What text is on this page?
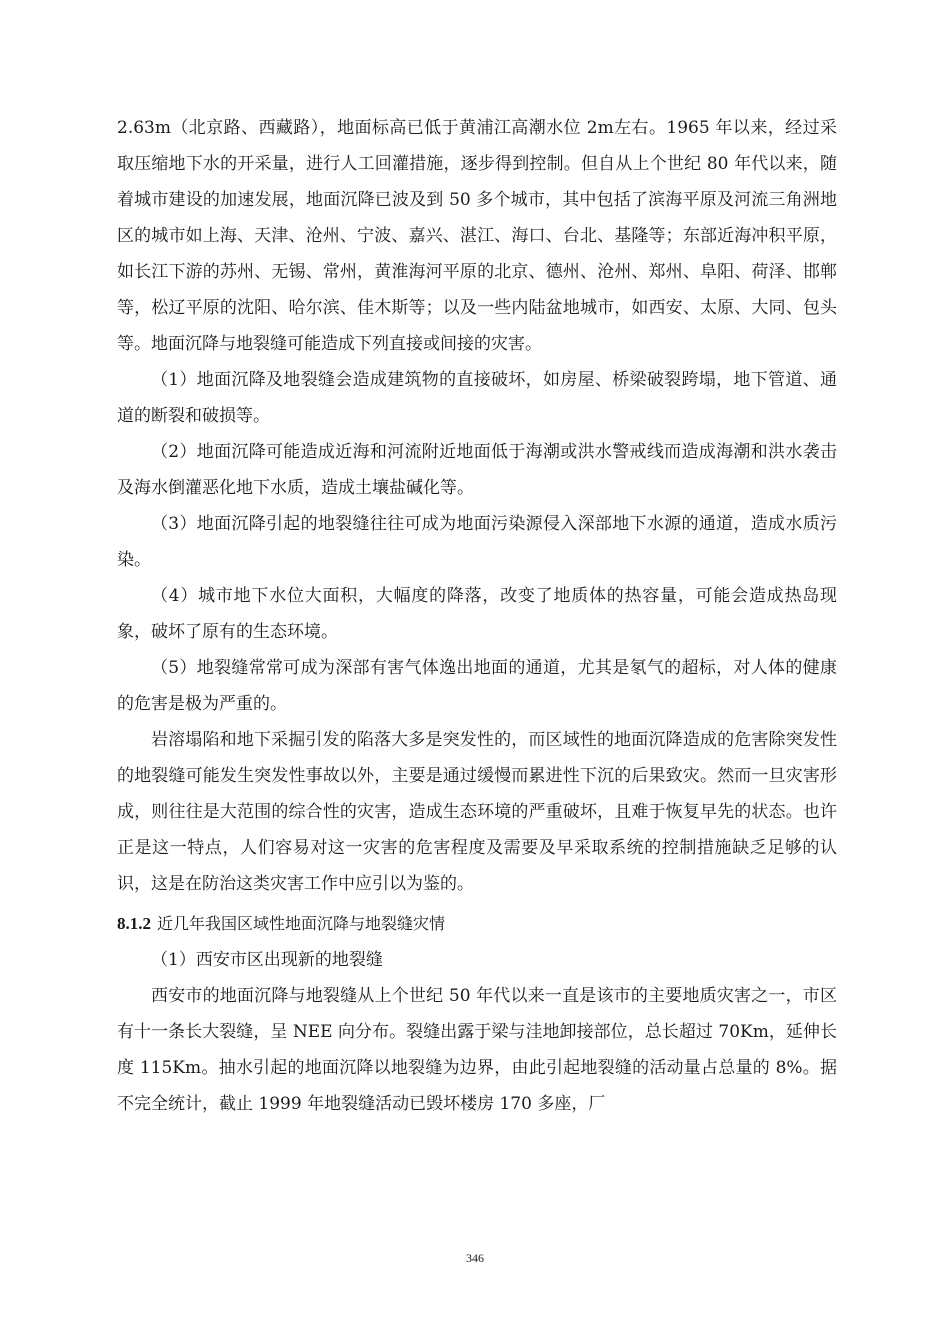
2.63m（北京路、西藏路），地面标高已低于黄浦江高潮水位 2m左右。1965 年以来，经过采取压缩地下水的开采量，进行人工回灌措施，逐步得到控制。但自从上个世纪 80 年代以来，随着城市建设的加速发展，地面沉降已波及到 50 多个城市，其中包括了滨海平原及河流三角洲地区的城市如上海、天津、沧州、宁波、嘉兴、湛江、海口、台北、基隆等；东部近海冲积平原，如长江下游的苏州、无锡、常州，黄淮海河平原的北京、德州、沧州、郑州、阜阳、荷泽、邯郸等，松辽平原的沈阳、哈尔滨、佳木斯等；以及一些内陆盆地城市，如西安、太原、大同、包头等。地面沉降与地裂缝可能造成下列直接或间接的灾害。

（1）地面沉降及地裂缝会造成建筑物的直接破坏，如房屋、桥梁破裂跨塌，地下管道、通道的断裂和破损等。

（2）地面沉降可能造成近海和河流附近地面低于海潮或洪水警戒线而造成海潮和洪水袭击及海水倒灌恶化地下水质，造成土壤盐碱化等。

（3）地面沉降引起的地裂缝往往可成为地面污染源侵入深部地下水源的通道，造成水质污染。

（4）城市地下水位大面积，大幅度的降落，改变了地质体的热容量，可能会造成热岛现象，破坏了原有的生态环境。

（5）地裂缝常常可成为深部有害气体逸出地面的通道，尤其是氡气的超标，对人体的健康的危害是极为严重的。

岩溶塌陷和地下采掘引发的陷落大多是突发性的，而区域性的地面沉降造成的危害除突发性的地裂缝可能发生突发性事故以外，主要是通过缓慢而累进性下沉的后果致灾。然而一旦灾害形成，则往往是大范围的综合性的灾害，造成生态环境的严重破坏，且难于恢复早先的状态。也许正是这一特点，人们容易对这一灾害的危害程度及需要及早采取系统的控制措施缺乏足够的认识，这是在防治这类灾害工作中应引以为鉴的。

8.1.2 近几年我国区域性地面沉降与地裂缝灾情

（1）西安市区出现新的地裂缝

西安市的地面沉降与地裂缝从上个世纪 50 年代以来一直是该市的主要地质灾害之一，市区有十一条长大裂缝，呈 NEE 向分布。裂缝出露于梁与洼地卸接部位，总长超过 70Km，延伸长度 115Km。抽水引起的地面沉降以地裂缝为边界，由此引起地裂缝的活动量占总量的 8%。据不完全统计，截止 1999 年地裂缝活动已毁坏楼房 170 多座，厂

346
